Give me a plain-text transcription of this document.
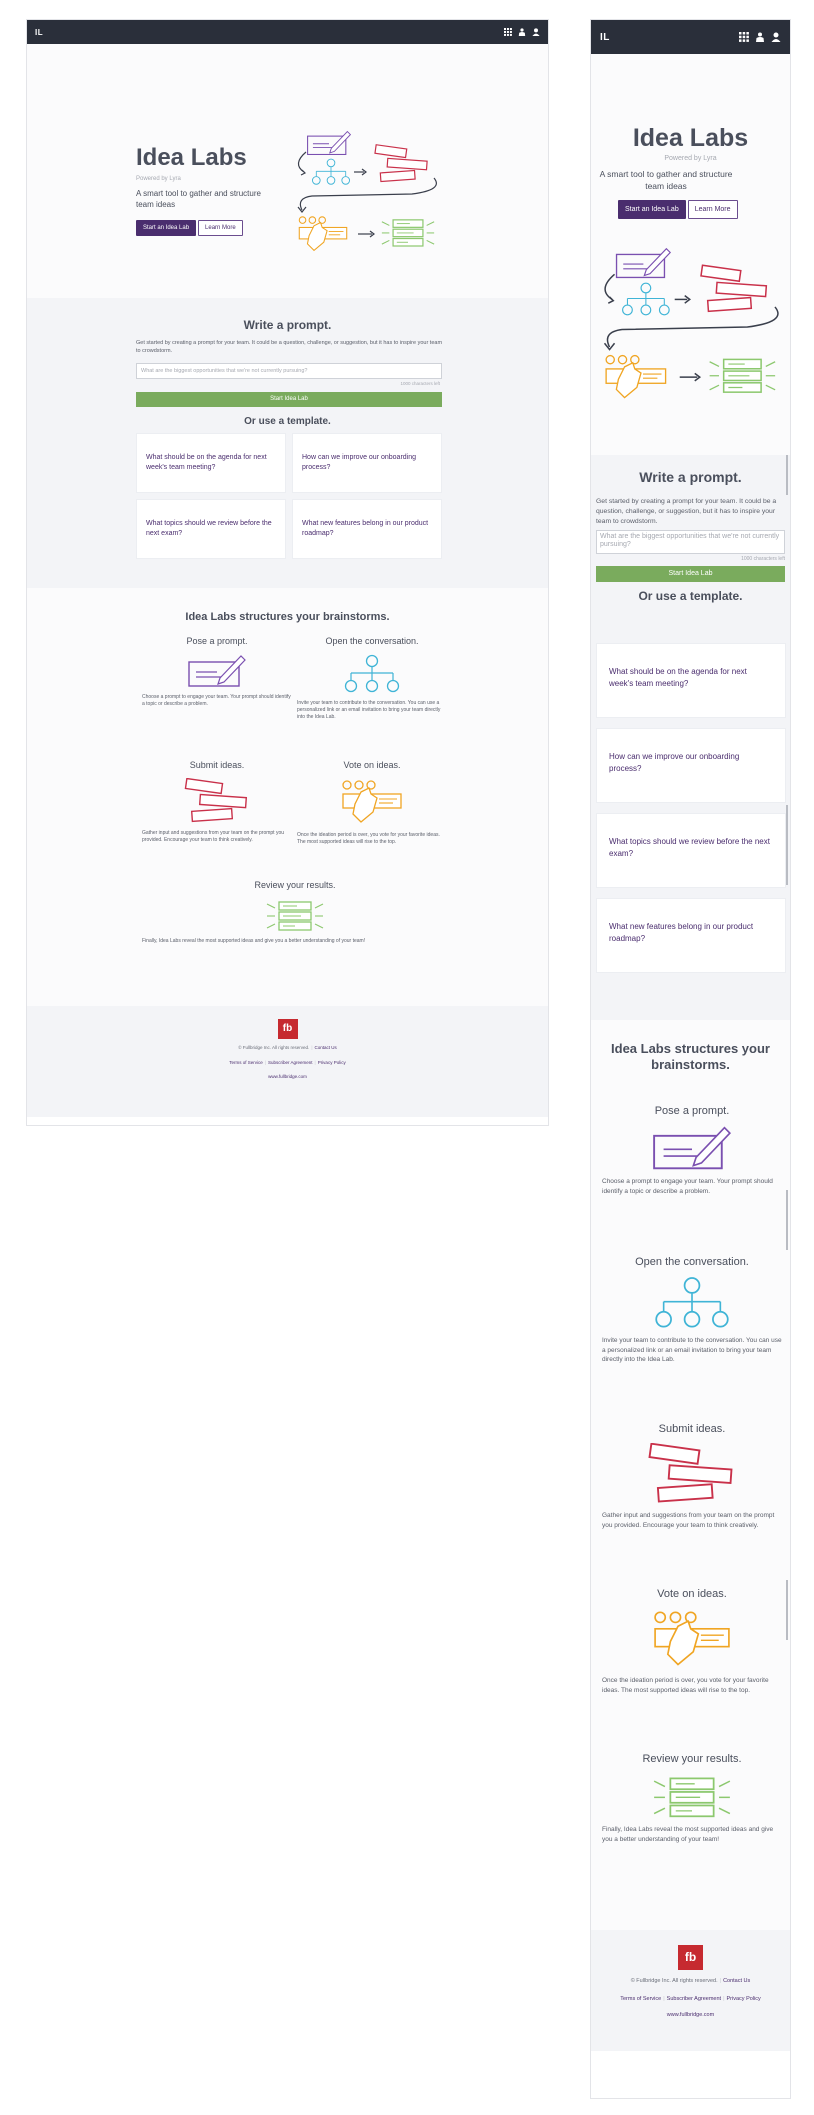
IL
Idea Labs
Powered by Lyra

A smart tool to gather and structure team ideas

Start an Idea Lab	Learn More
Write a prompt.

Get started by creating a prompt for your team. It could be a question, challenge, or suggestion, but it has to inspire your team to crowdstorm.

What are the biggest opportunities that we're not currently pursuing?
1000 characters left
Start Idea Lab
Or use a template.
What should be on the agenda for next week's team meeting?
How can we improve our onboarding process?
What topics should we review before the next exam?
What new features belong in our product roadmap?
Idea Labs structures your brainstorms.
Pose a prompt.
Choose a prompt to engage your team. Your prompt should identify a topic or describe a problem.
Open the conversation.
Invite your team to contribute to the conversation. You can use a personalized link or an email invitation to bring your team directly into the Idea Lab.
Submit ideas.
Gather input and suggestions from your team on the prompt you provided. Encourage your team to think creatively.
Vote on ideas.
Once the ideation period is over, you vote for your favorite ideas. The most supported ideas will rise to the top.
Review your results.
Finally, Idea Labs reveal the most supported ideas and give you a better understanding of your team!
fb
© Fullbridge Inc. All rights reserved. | Contact Us
Terms of Service | Subscriber Agreement | Privacy Policy
www.fullbridge.com
IL
Idea Labs
Powered by Lyra

A smart tool to gather and structure team ideas

Start an Idea Lab	Learn More
Write a prompt.

Get started by creating a prompt for your team. It could be a question, challenge, or suggestion, but it has to inspire your team to crowdstorm.

What are the biggest opportunities that we're not currently pursuing?
1000 characters left
Start Idea Lab
Or use a template.
What should be on the agenda for next week's team meeting?
How can we improve our onboarding process?
What topics should we review before the next exam?
What new features belong in our product roadmap?
Idea Labs structures your brainstorms.
Pose a prompt.
Choose a prompt to engage your team. Your prompt should identify a topic or describe a problem.
Open the conversation.
Invite your team to contribute to the conversation. You can use a personalized link or an email invitation to bring your team directly into the Idea Lab.
Submit ideas.
Gather input and suggestions from your team on the prompt you provided. Encourage your team to think creatively.
Vote on ideas.
Once the ideation period is over, you vote for your favorite ideas. The most supported ideas will rise to the top.
Review your results.
Finally, Idea Labs reveal the most supported ideas and give you a better understanding of your team!
fb
© Fullbridge Inc. All rights reserved. | Contact Us
Terms of Service | Subscriber Agreement | Privacy Policy
www.fullbridge.com
